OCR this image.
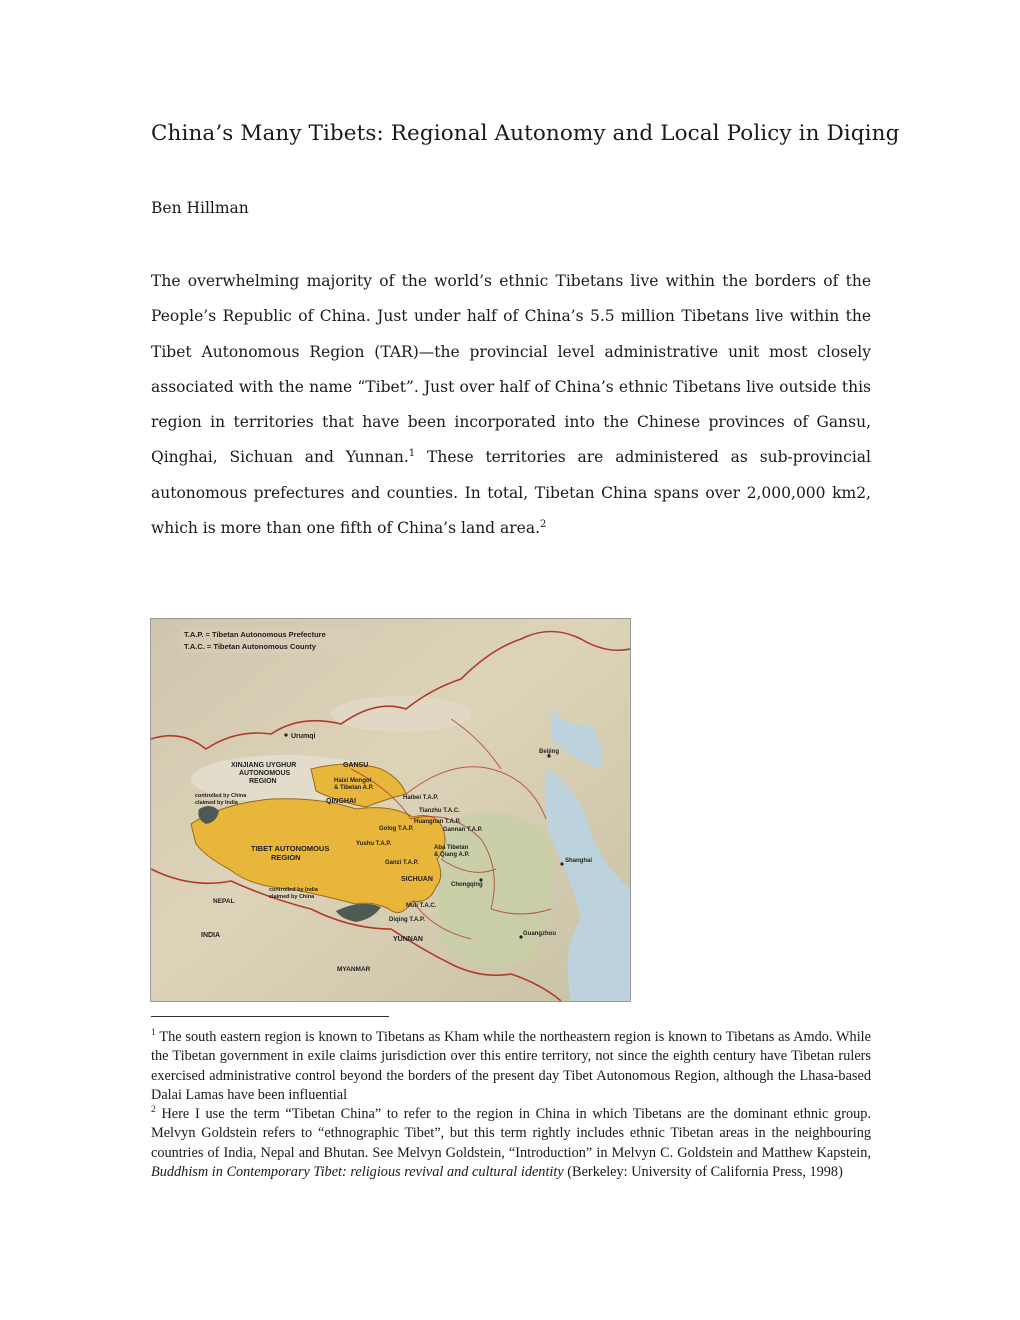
China’s Many Tibets: Regional Autonomy and Local Policy in Diqing
Ben Hillman
The overwhelming majority of the world’s ethnic Tibetans live within the borders of the People’s Republic of China. Just under half of China’s 5.5 million Tibetans live within the Tibet Autonomous Region (TAR)—the provincial level administrative unit most closely associated with the name “Tibet”. Just over half of China’s ethnic Tibetans live outside this region in territories that have been incorporated into the Chinese provinces of Gansu, Qinghai, Sichuan and Yunnan.$^1$ These territories are administered as sub-provincial autonomous prefectures and counties. In total, Tibetan China spans over 2,000,000 km2, which is more than one fifth of China’s land area.$^2$
T.A.P. = Tibetan Autonomous Prefecture
T.A.C. = Tibetan Autonomous County
Urumqi
XINJIANG UYGHUR
AUTONOMOUS
REGION
GANSU
Beijing
Haixi Mongol
& Tibetan A.P.
Haibei T.A.P.
Tianzhu T.A.C.
QINGHAI
Huangnan T.A.P.
Gannan T.A.P.
Golog T.A.P.
Yushu T.A.P.
controlled by China
claimed by India
TIBET AUTONOMOUS
REGION
Aba Tibetan
& Qiang A.P.
Shanghai
Ganzi T.A.P.
SICHUAN
Chongqing
controlled by India
claimed by China
NEPAL
INDIA
Muli T.A.C.
Diqing T.A.P.
YUNNAN
Guangzhou
MYANMAR

$^1$ The south eastern region is known to Tibetans as Kham while the northeastern region is known to Tibetans as Amdo. While the Tibetan government in exile claims jurisdiction over this entire territory, not since the eighth century have Tibetan rulers exercised administrative control beyond the borders of the present day Tibet Autonomous Region, although the Lhasa-based Dalai Lamas have been influential

$^2$ Here I use the term “Tibetan China” to refer to the region in China in which Tibetans are the dominant ethnic group. Melvyn Goldstein refers to “ethnographic Tibet”, but this term rightly includes ethnic Tibetan areas in the neighbouring countries of India, Nepal and Bhutan. See Melvyn Goldstein, “Introduction” in Melvyn C. Goldstein and Matthew Kapstein, Buddhism in Contemporary Tibet: religious revival and cultural identity (Berkeley: University of California Press, 1998)
